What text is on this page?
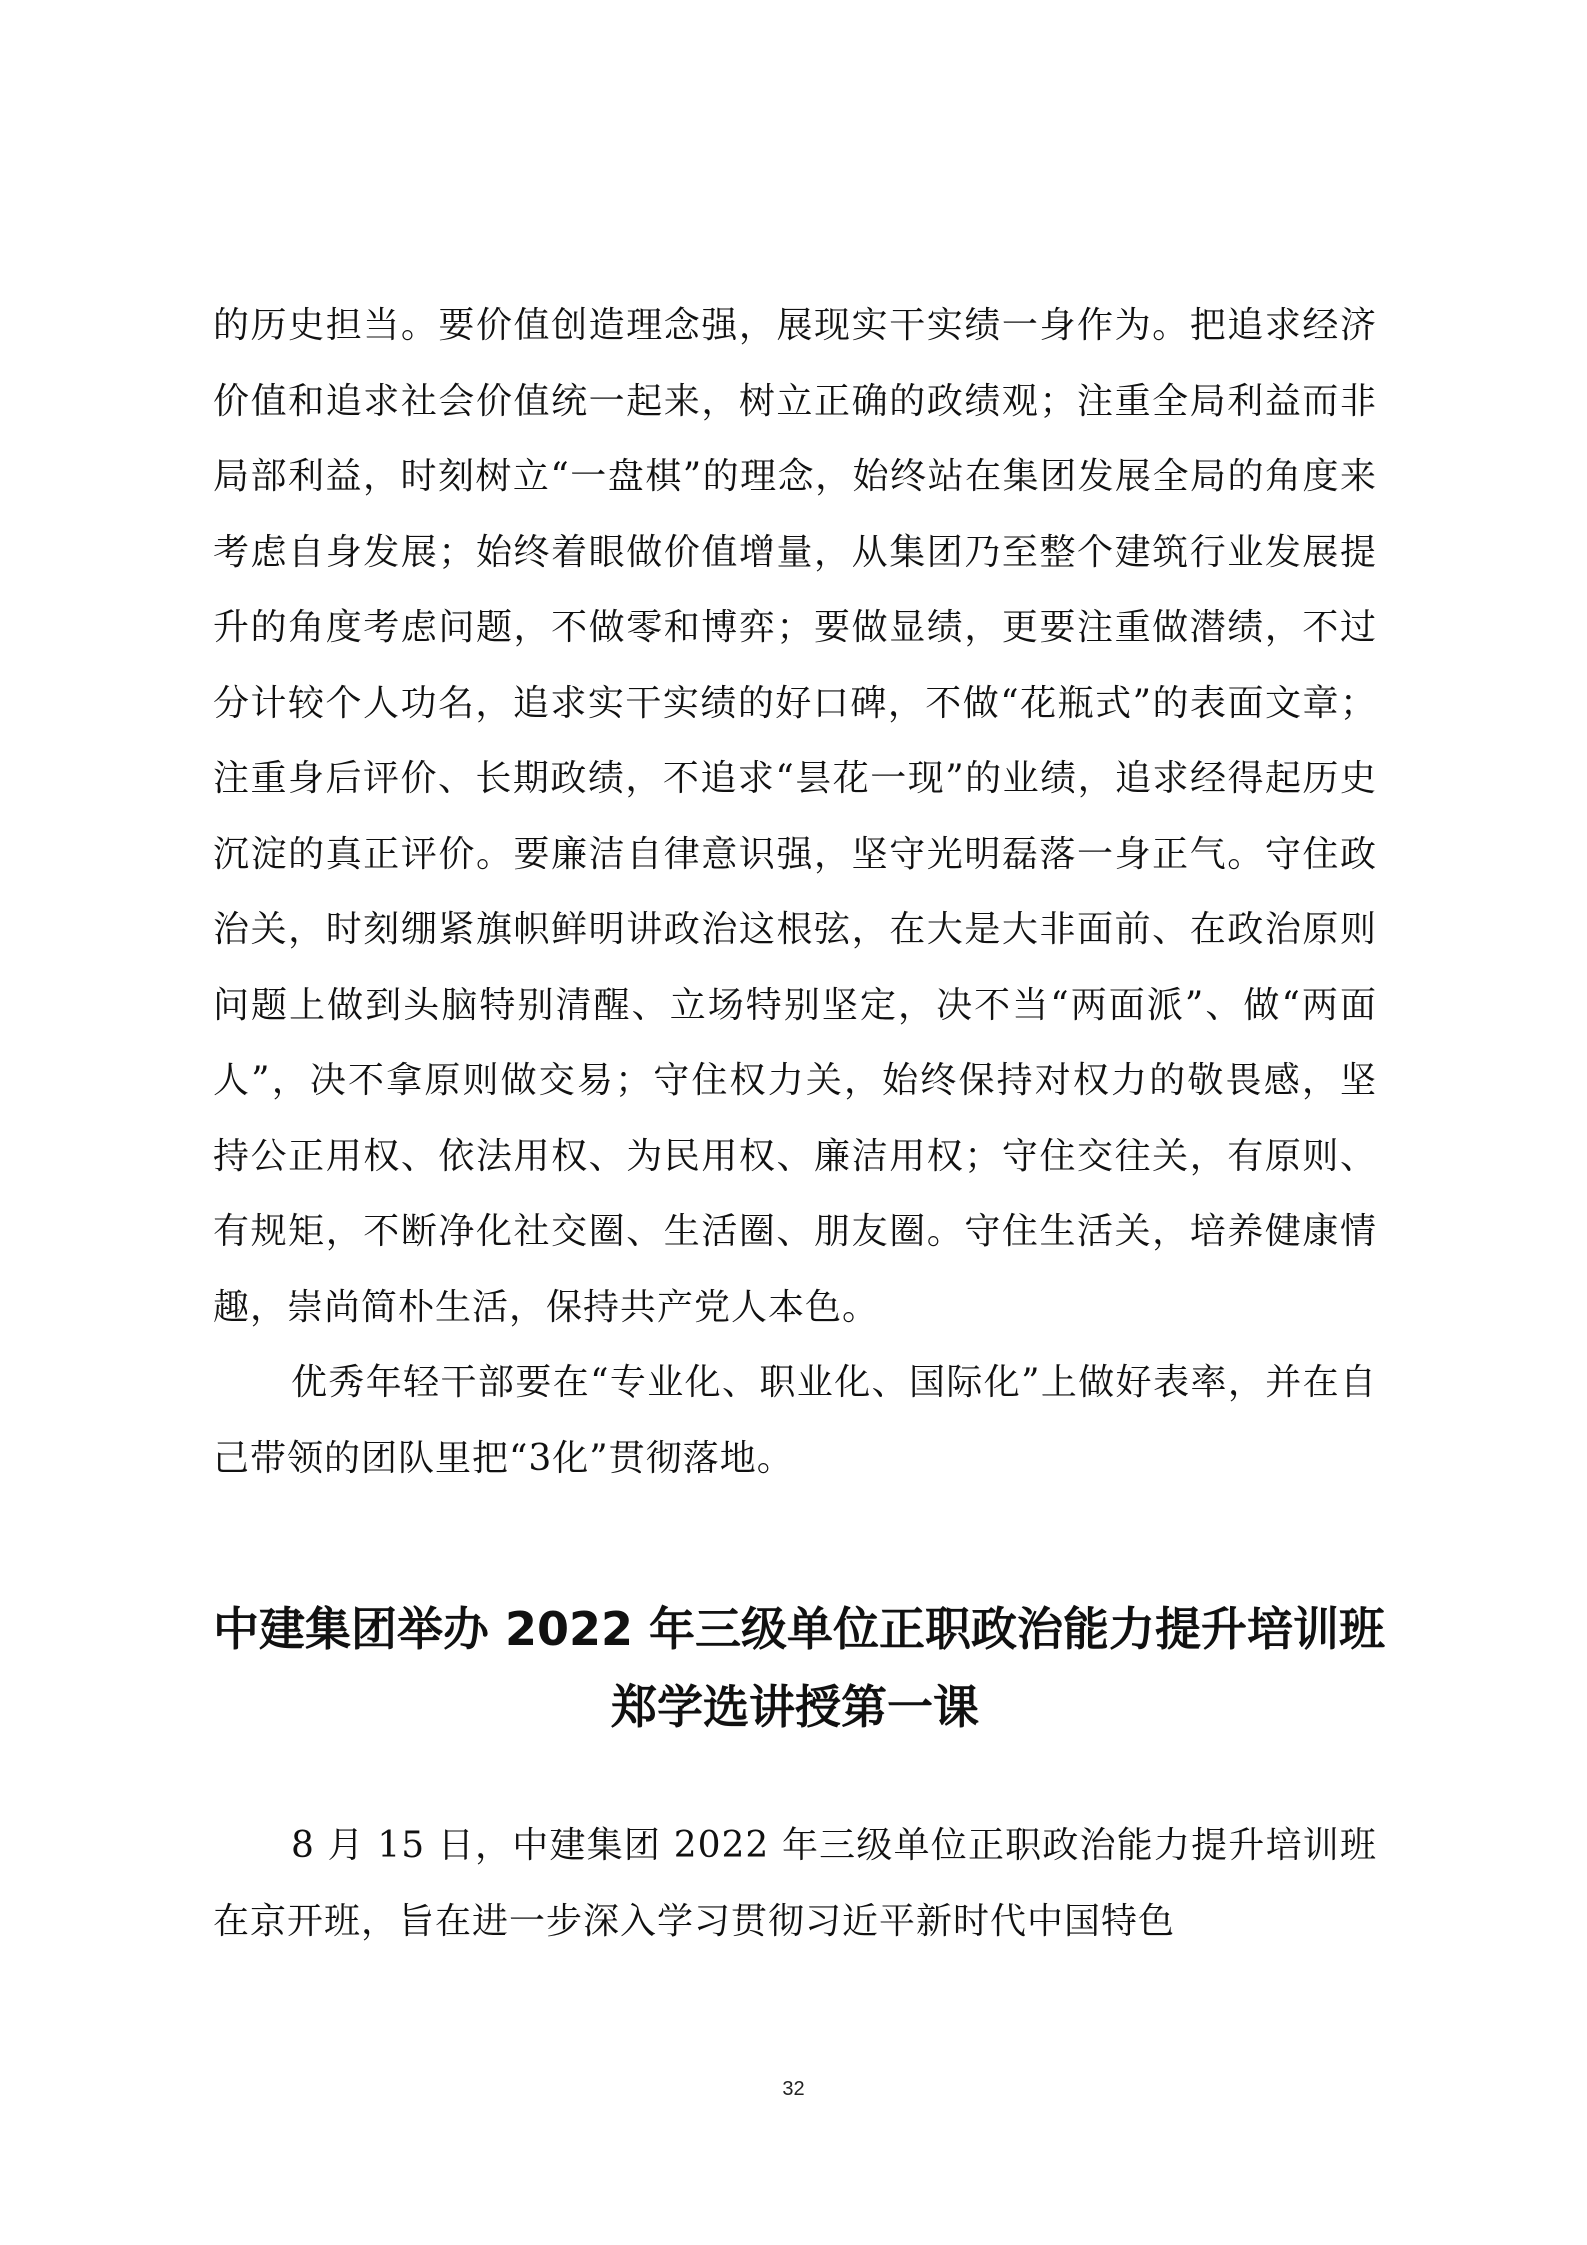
的历史担当。要价值创造理念强，展现实干实绩一身作为。把追求经济价值和追求社会价值统一起来，树立正确的政绩观；注重全局利益而非局部利益，时刻树立“一盘棋”的理念，始终站在集团发展全局的角度来考虑自身发展；始终着眼做价值增量，从集团乃至整个建筑行业发展提升的角度考虑问题，不做零和博弈；要做显绩，更要注重做潜绩，不过分计较个人功名，追求实干实绩的好口碑，不做“花瓶式”的表面文章；注重身后评价、长期政绩，不追求“昙花一现”的业绩，追求经得起历史沉淀的真正评价。要廉洁自律意识强，坚守光明磊落一身正气。守住政治关，时刻绷紧旗帜鲜明讲政治这根弦，在大是大非面前、在政治原则问题上做到头脑特别清醒、立场特别坚定，决不当“两面派”、做“两面人”，决不拿原则做交易；守住权力关，始终保持对权力的敬畏感，坚持公正用权、依法用权、为民用权、廉洁用权；守住交往关，有原则、有规矩，不断净化社交圈、生活圈、朋友圈。守住生活关，培养健康情趣，崇尚简朴生活，保持共产党人本色。

优秀年轻干部要在“专业化、职业化、国际化”上做好表率，并在自己带领的团队里把“3化”贯彻落地。

中建集团举办 2022 年三级单位正职政治能力提升培训班
郑学选讲授第一课

8 月 15 日，中建集团 2022 年三级单位正职政治能力提升培训班在京开班，旨在进一步深入学习贯彻习近平新时代中国特色

32
